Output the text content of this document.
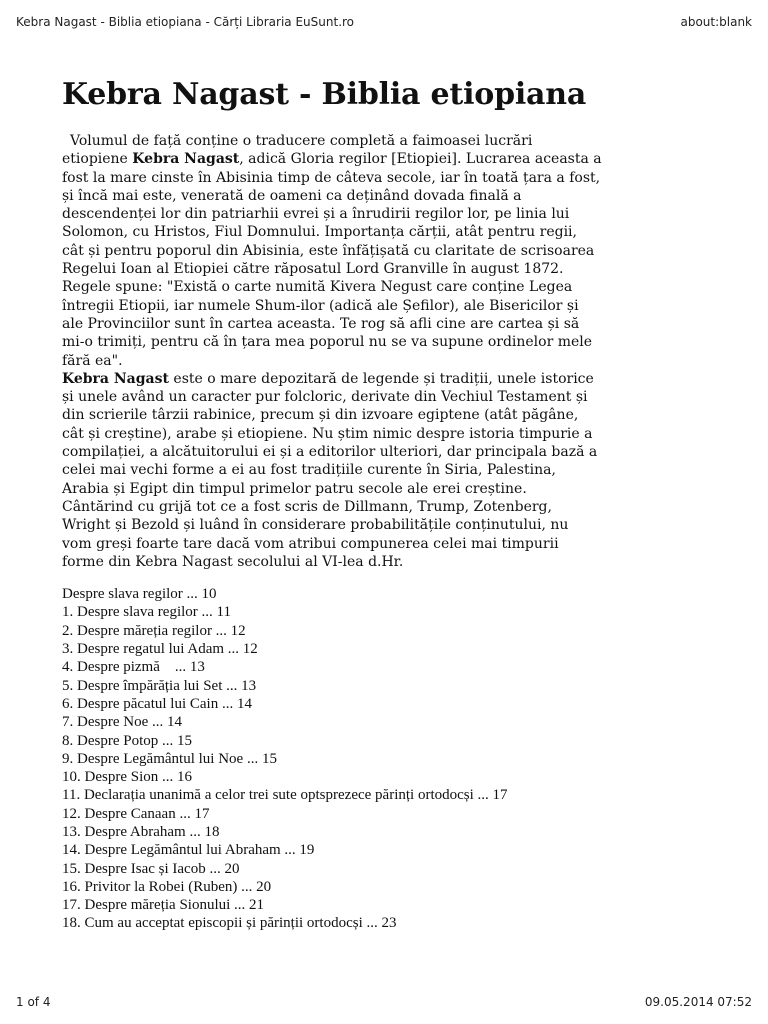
Kebra Nagast - Biblia etiopiana - Cărți Libraria EuSunt.ro	about:blank
Kebra Nagast - Biblia etiopiana

Volumul de față conține o traducere completă a faimoasei lucrări etiopiene Kebra Nagast, adică Gloria regilor [Etiopiei]. Lucrarea aceasta a fost la mare cinste în Abisinia timp de câteva secole, iar în toată țara a fost, și încă mai este, venerată de oameni ca deținând dovada finală a descendenței lor din patriarhii evrei și a înrudirii regilor lor, pe linia lui Solomon, cu Hristos, Fiul Domnului. Importanța cărții, atât pentru regii, cât și pentru poporul din Abisinia, este înfățișată cu claritate de scrisoarea Regelui Ioan al Etiopiei către răposatul Lord Granville în august 1872. Regele spune: "Există o carte numită Kivera Negust care conține Legea întregii Etiopii, iar numele Shum-ilor (adică ale Șefilor), ale Bisericilor și ale Provinciilor sunt în cartea aceasta. Te rog să afli cine are cartea și să mi-o trimiți, pentru că în țara mea poporul nu se va supune ordinelor mele fără ea".

Kebra Nagast este o mare depozitară de legende și tradiții, unele istorice și unele având un caracter pur folcloric, derivate din Vechiul Testament și din scrierile târzii rabinice, precum și din izvoare egiptene (atât păgâne, cât și creștine), arabe și etiopiene. Nu știm nimic despre istoria timpurie a compilației, a alcătuitorului ei și a editorilor ulteriori, dar principala bază a celei mai vechi forme a ei au fost tradițiile curente în Siria, Palestina, Arabia și Egipt din timpul primelor patru secole ale erei creștine. Cântărind cu grijă tot ce a fost scris de Dillmann, Trump, Zotenberg, Wright și Bezold și luând în considerare probabilitățile conținutului, nu vom greși foarte tare dacă vom atribui compunerea celei mai timpurii forme din Kebra Nagast secolului al VI-lea d.Hr.

Despre slava regilor ... 10
1. Despre slava regilor ... 11
2. Despre măreția regilor ... 12
3. Despre regatul lui Adam ... 12
4. Despre pizmă    ... 13
5. Despre împărăția lui Set ... 13
6. Despre păcatul lui Cain ... 14
7. Despre Noe ... 14
8. Despre Potop ... 15
9. Despre Legământul lui Noe ... 15
10. Despre Sion ... 16
11. Declarația unanimă a celor trei sute optsprezece părinți ortodocși ... 17
12. Despre Canaan ... 17
13. Despre Abraham ... 18
14. Despre Legământul lui Abraham ... 19
15. Despre Isac și Iacob ... 20
16. Privitor la Robei (Ruben) ... 20
17. Despre măreția Sionului ... 21
18. Cum au acceptat episcopii și părinții ortodocși ... 23
1 of 4	09.05.2014 07:52
